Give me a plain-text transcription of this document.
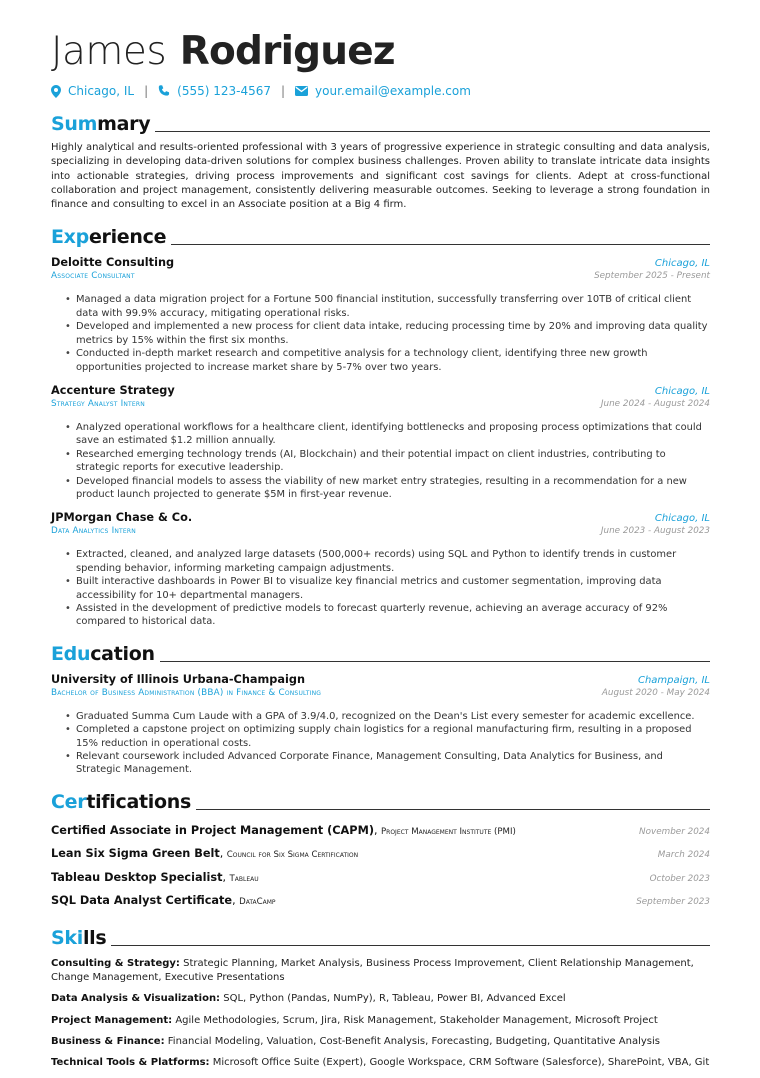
James Rodriguez
Chicago, IL | (555) 123-4567 |	your.email@example.com
Summary

Highly analytical and results-oriented professional with 3 years of progressive experience in strategic consulting and data analysis, specializing in developing data-driven solutions for complex business challenges. Proven ability to translate intricate data insights into actionable strategies, driving process improvements and significant cost savings for clients. Adept at cross-functional collaboration and project management, consistently delivering measurable outcomes. Seeking to leverage a strong foundation in finance and consulting to excel in an Associate position at a Big 4 firm.

Experience
Deloitte Consulting	Chicago, IL
Associate Consultant	September 2025 - Present
• Managed a data migration project for a Fortune 500 financial institution, successfully transferring over 10TB of critical client data with 99.9% accuracy, mitigating operational risks.
• Developed and implemented a new process for client data intake, reducing processing time by 20% and improving data quality metrics by 15% within the first six months.
• Conducted in-depth market research and competitive analysis for a technology client, identifying three new growth opportunities projected to increase market share by 5-7% over two years.
Accenture Strategy	Chicago, IL
Strategy Analyst Intern	June 2024 - August 2024
• Analyzed operational workflows for a healthcare client, identifying bottlenecks and proposing process optimizations that could save an estimated $1.2 million annually.
• Researched emerging technology trends (AI, Blockchain) and their potential impact on client industries, contributing to strategic reports for executive leadership.
• Developed financial models to assess the viability of new market entry strategies, resulting in a recommendation for a new product launch projected to generate $5M in first-year revenue.
JPMorgan Chase & Co.	Chicago, IL
Data Analytics Intern	June 2023 - August 2023
• Extracted, cleaned, and analyzed large datasets (500,000+ records) using SQL and Python to identify trends in customer spending behavior, informing marketing campaign adjustments.
• Built interactive dashboards in Power BI to visualize key financial metrics and customer segmentation, improving data accessibility for 10+ departmental managers.
• Assisted in the development of predictive models to forecast quarterly revenue, achieving an average accuracy of 92% compared to historical data.
Education
University of Illinois Urbana-Champaign	Champaign, IL
Bachelor of Business Administration (BBA) in Finance & Consulting	August 2020 - May 2024
• Graduated Summa Cum Laude with a GPA of 3.9/4.0, recognized on the Dean's List every semester for academic excellence.
• Completed a capstone project on optimizing supply chain logistics for a regional manufacturing firm, resulting in a proposed 15% reduction in operational costs.
• Relevant coursework included Advanced Corporate Finance, Management Consulting, Data Analytics for Business, and Strategic Management.
Certifications
Certified Associate in Project Management (CAPM), Project Management Institute (PMI)	November 2024
Lean Six Sigma Green Belt, Council for Six Sigma Certification	March 2024
Tableau Desktop Specialist, Tableau	October 2023
SQL Data Analyst Certificate, DataCamp	September 2023
Skills
Consulting & Strategy: Strategic Planning, Market Analysis, Business Process Improvement, Client Relationship Management, Change Management, Executive Presentations
Data Analysis & Visualization: SQL, Python (Pandas, NumPy), R, Tableau, Power BI, Advanced Excel
Project Management: Agile Methodologies, Scrum, Jira, Risk Management, Stakeholder Management, Microsoft Project
Business & Finance: Financial Modeling, Valuation, Cost-Benefit Analysis, Forecasting, Budgeting, Quantitative Analysis
Technical Tools & Platforms: Microsoft Office Suite (Expert), Google Workspace, CRM Software (Salesforce), SharePoint, VBA, Git
